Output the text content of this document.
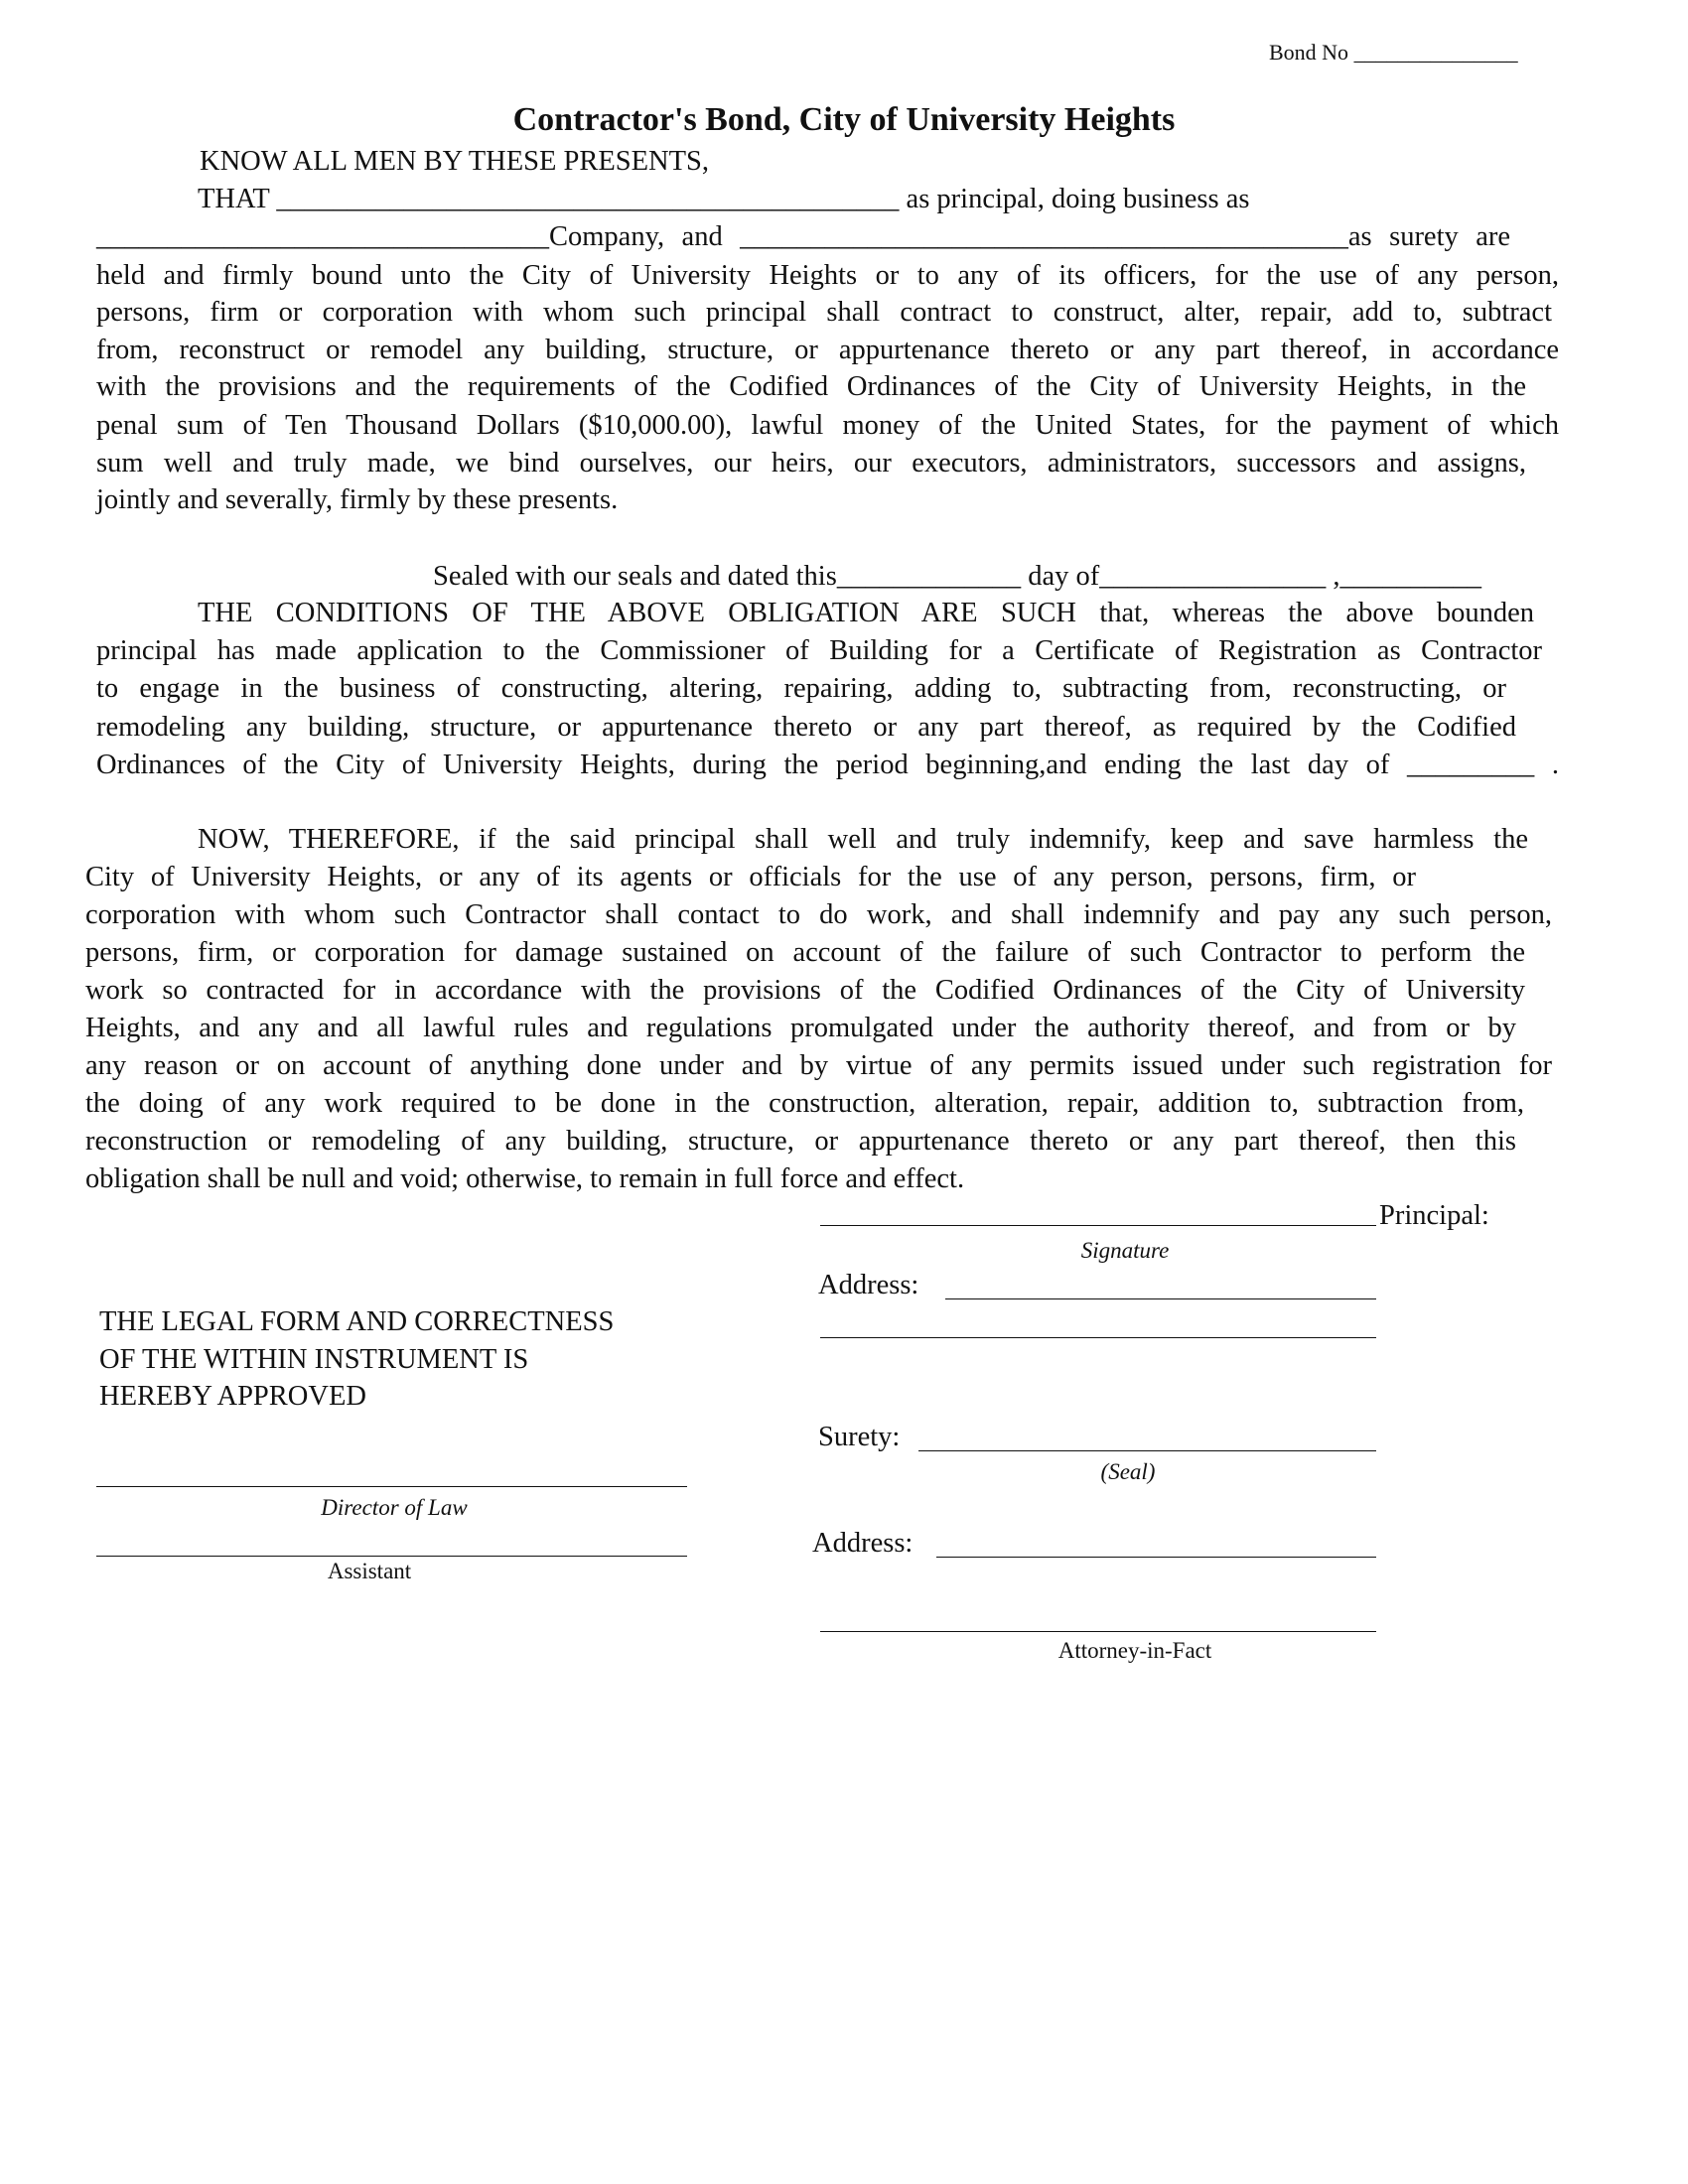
Bond No _______________
Contractor's Bond, City of University Heights
KNOW ALL MEN BY THESE PRESENTS,
THAT ____________________________________________ as principal, doing business as
________________________________Company, and ___________________________________________as surety are
held and firmly bound unto the City of University Heights or to any of its officers, for the use of any person,
persons, firm or corporation with whom such principal shall contract to construct, alter, repair, add to, subtract
from, reconstruct or remodel any building, structure, or appurtenance thereto or any part thereof, in accordance
with the provisions and the requirements of the Codified Ordinances of the City of University Heights, in the
penal sum of Ten Thousand Dollars ($10,000.00), lawful money of the United States, for the payment of which
sum well and truly made, we bind ourselves, our heirs, our executors, administrators, successors and assigns,
jointly and severally, firmly by these presents.
Sealed with our seals and dated this_____________ day of________________ ,__________
THE CONDITIONS OF THE ABOVE OBLIGATION ARE SUCH that, whereas the above bounden
principal has made application to the Commissioner of Building for a Certificate of Registration as Contractor
to engage in the business of constructing, altering, repairing, adding to, subtracting from, reconstructing, or
remodeling any building, structure, or appurtenance thereto or any part thereof, as required by the Codified
Ordinances of the City of University Heights, during the period beginning,and ending the last day of _________ .
NOW, THEREFORE, if the said principal shall well and truly indemnify, keep and save harmless the
City of University Heights, or any of its agents or officials for the use of any person, persons, firm, or
corporation with whom such Contractor shall contact to do work, and shall indemnify and pay any such person,
persons, firm, or corporation for damage sustained on account of the failure of such Contractor to perform the
work so contracted for in accordance with the provisions of the Codified Ordinances of the City of University
Heights, and any and all lawful rules and regulations promulgated under the authority thereof, and from or by
any reason or on account of anything done under and by virtue of any permits issued under such registration for
the doing of any work required to be done in the construction, alteration, repair, addition to, subtraction from,
reconstruction or remodeling of any building, structure, or appurtenance thereto or any part thereof, then this
obligation shall be null and void; otherwise, to remain in full force and effect.
Principal:
Signature
Address:
Surety:
(Seal)
Address:
Attorney-in-Fact
THE LEGAL FORM AND CORRECTNESS
OF THE WITHIN INSTRUMENT IS
HEREBY APPROVED
Director of Law
Assistant
